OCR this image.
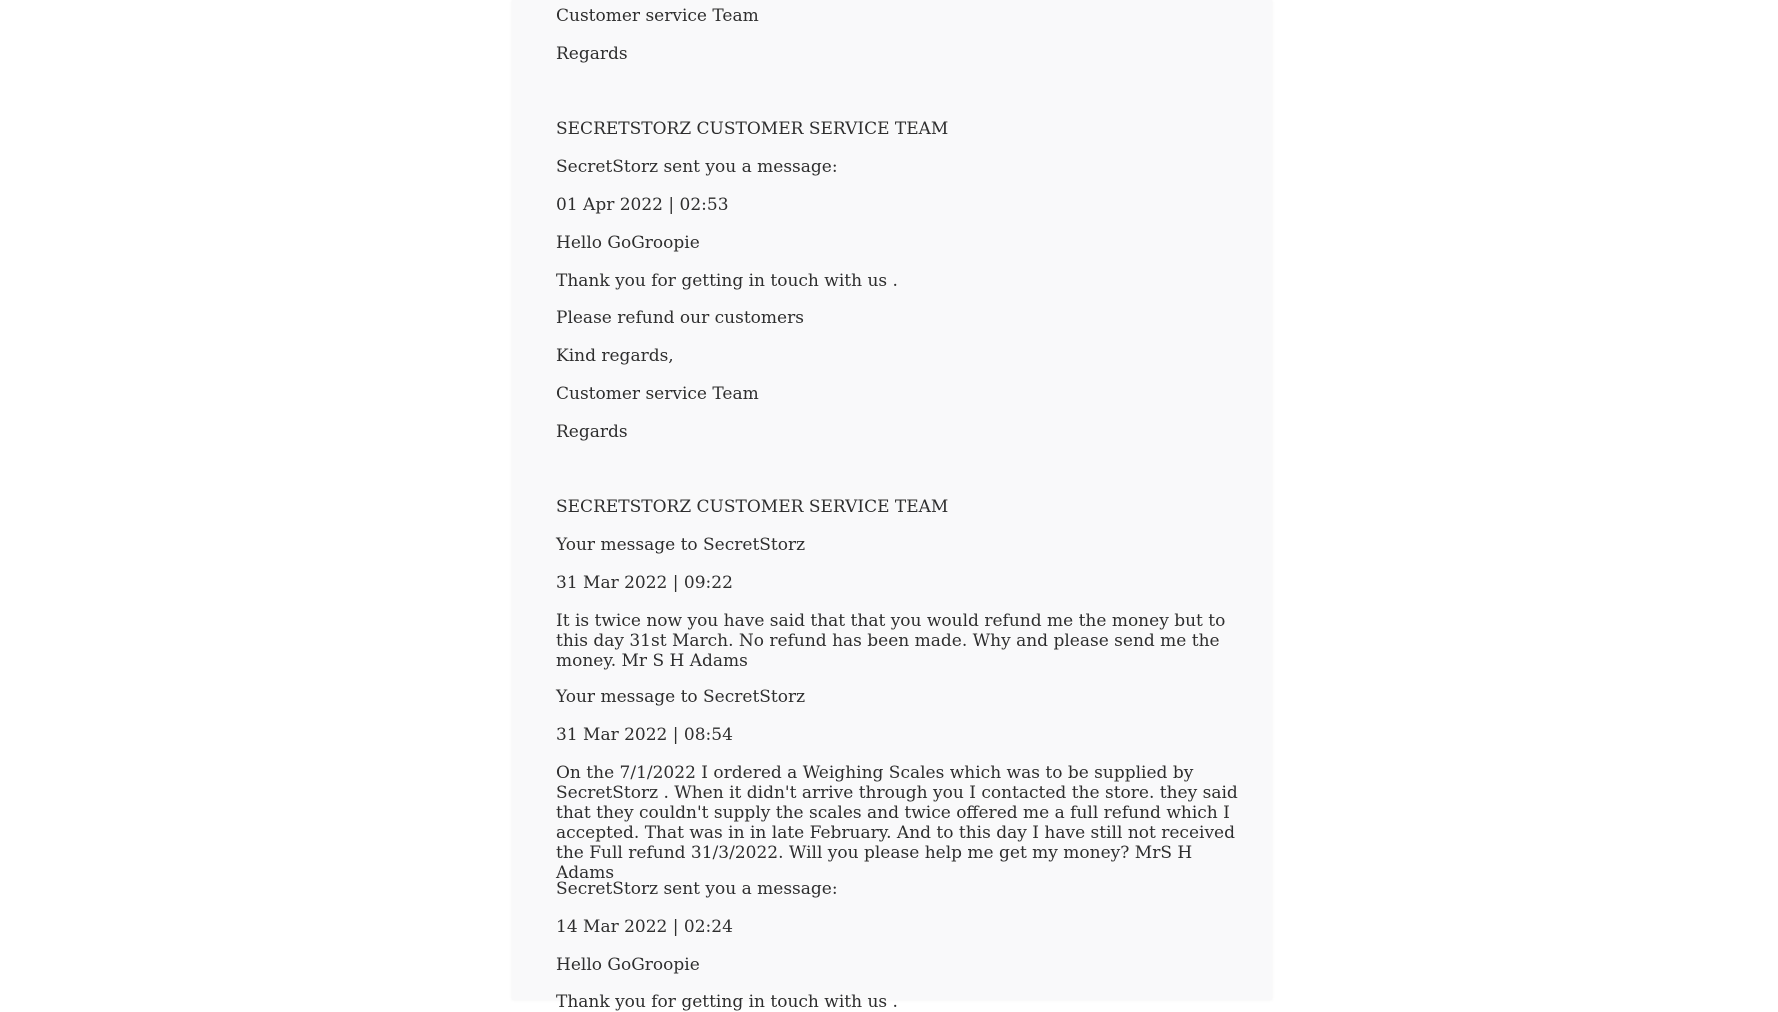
Customer service Team
Regards
SECRETSTORZ CUSTOMER SERVICE TEAM
SecretStorz sent you a message:
01 Apr 2022 | 02:53
Hello GoGroopie
Thank you for getting in touch with us .
Please refund our customers
Kind regards,
Customer service Team
Regards
SECRETSTORZ CUSTOMER SERVICE TEAM
Your message to SecretStorz
31 Mar 2022 | 09:22
It is twice now you have said that that you would refund me the money but to this day 31st March. No refund has been made. Why and please send me the money. Mr S H Adams
Your message to SecretStorz
31 Mar 2022 | 08:54
On the 7/1/2022 I ordered a Weighing Scales which was to be supplied by SecretStorz . When it didn't arrive through you I contacted the store. they said that they couldn't supply the scales and twice offered me a full refund which I accepted. That was in in late February. And to this day I have still not received the Full refund 31/3/2022. Will you please help me get my money? MrS H Adams
SecretStorz sent you a message:
14 Mar 2022 | 02:24
Hello GoGroopie
Thank you for getting in touch with us .
